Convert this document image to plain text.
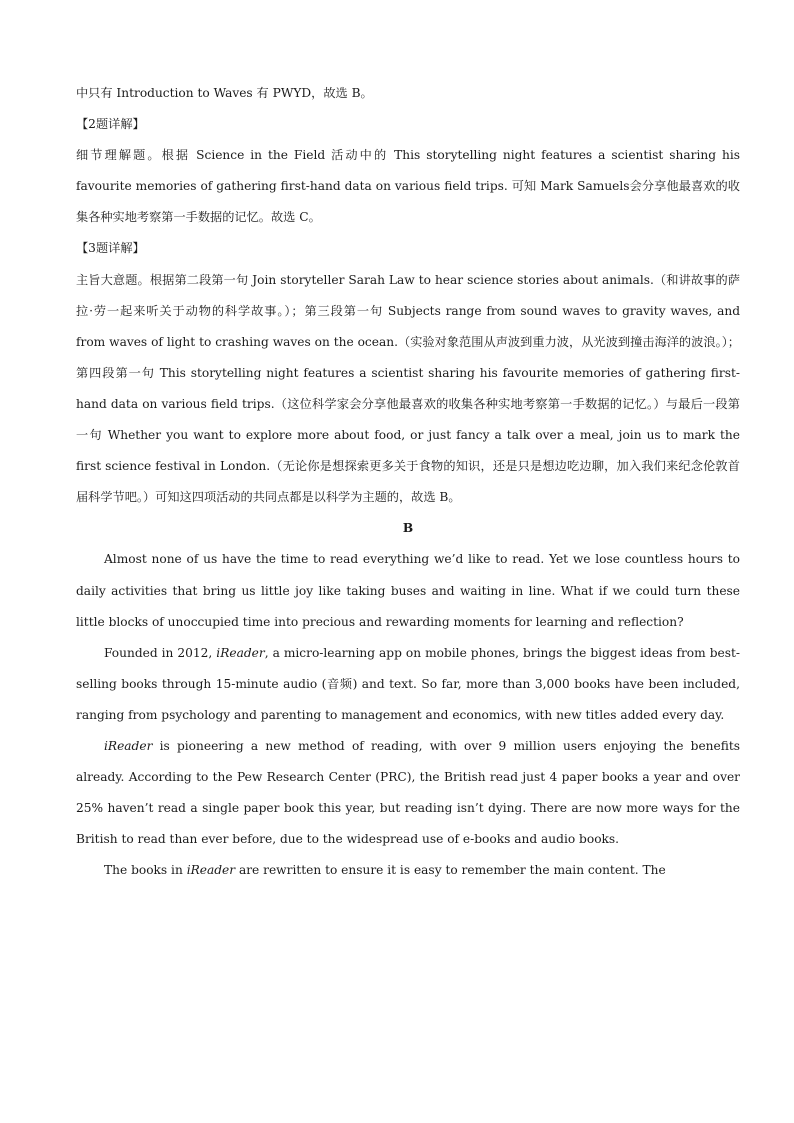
中只有 Introduction to Waves 有 PWYD，故选 B。

【2题详解】

细节理解题。根据 Science in the Field 活动中的 This storytelling night features a scientist sharing his favourite memories of gathering first-hand data on various field trips. 可知 Mark Samuels会分享他最喜欢的收集各种实地考察第一手数据的记忆。故选 C。

【3题详解】

主旨大意题。根据第二段第一句 Join storyteller Sarah Law to hear science stories about animals.（和讲故事的萨拉·劳一起来听关于动物的科学故事。）；第三段第一句 Subjects range from sound waves to gravity waves, and from waves of light to crashing waves on the ocean.（实验对象范围从声波到重力波，从光波到撞击海洋的波浪。）；第四段第一句 This storytelling night features a scientist sharing his favourite memories of gathering first-hand data on various field trips.（这位科学家会分享他最喜欢的收集各种实地考察第一手数据的记忆。）与最后一段第一句 Whether you want to explore more about food, or just fancy a talk over a meal, join us to mark the first science festival in London.（无论你是想探索更多关于食物的知识，还是只是想边吃边聊，加入我们来纪念伦敦首届科学节吧。）可知这四项活动的共同点都是以科学为主题的，故选 B。

B

Almost none of us have the time to read everything we’d like to read. Yet we lose countless hours to daily activities that bring us little joy like taking buses and waiting in line. What if we could turn these little blocks of unoccupied time into precious and rewarding moments for learning and reflection?

Founded in 2012, iReader, a micro-learning app on mobile phones, brings the biggest ideas from best-selling books through 15-minute audio (音频) and text. So far, more than 3,000 books have been included, ranging from psychology and parenting to management and economics, with new titles added every day.

iReader is pioneering a new method of reading, with over 9 million users enjoying the benefits already. According to the Pew Research Center (PRC), the British read just 4 paper books a year and over 25% haven’t read a single paper book this year, but reading isn’t dying. There are now more ways for the British to read than ever before, due to the widespread use of e-books and audio books.

The books in iReader are rewritten to ensure it is easy to remember the main content. The
